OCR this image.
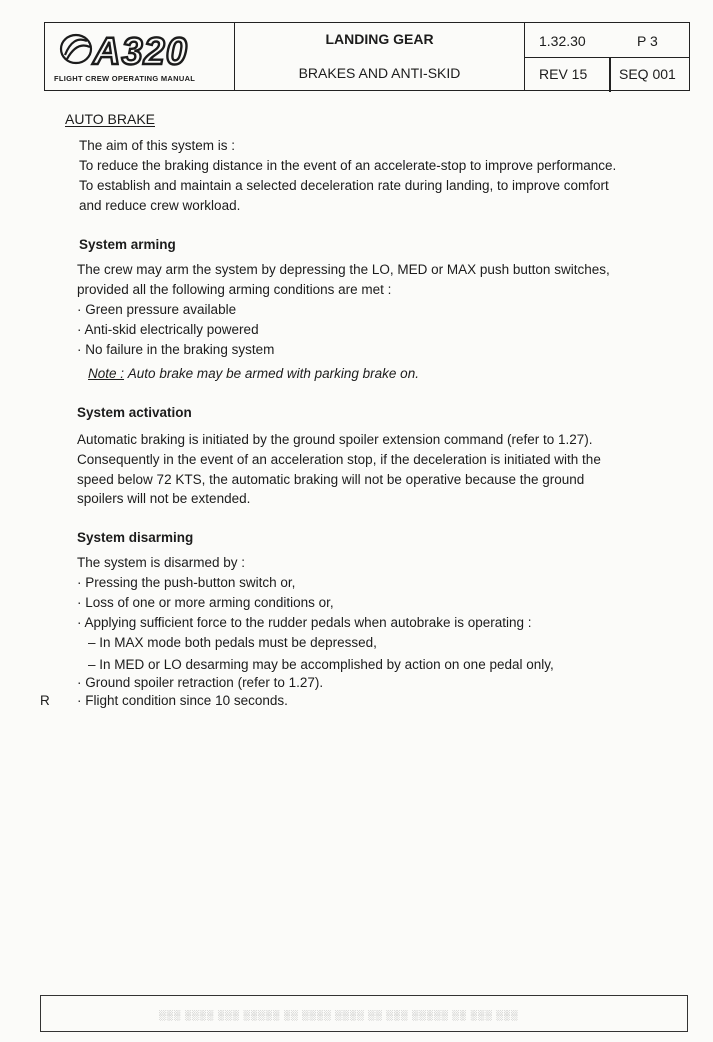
A320
FLIGHT CREW OPERATING MANUAL
LANDING GEAR
BRAKES AND ANTI-SKID
1.32.30	P 3
REV 15 SEQ 001
AUTO BRAKE
The aim of this system is :
To reduce the braking distance in the event of an accelerate-stop to improve performance.
To establish and maintain a selected deceleration rate during landing, to improve comfort
and reduce crew workload.
System arming
The crew may arm the system by depressing the LO, MED or MAX push button switches,
provided all the following arming conditions are met :
· Green pressure available
· Anti-skid electrically powered
· No failure in the braking system
Note : Auto brake may be armed with parking brake on.
System activation
Automatic braking is initiated by the ground spoiler extension command (refer to 1.27).
Consequently in the event of an acceleration stop, if the deceleration is initiated with the
speed below 72 KTS, the automatic braking will not be operative because the ground
spoilers will not be extended.
System disarming
The system is disarmed by :
· Pressing the push-button switch or,
· Loss of one or more arming conditions or,
· Applying sufficient force to the rudder pedals when autobrake is operating :
– In MAX mode both pedals must be depressed,
– In MED or LO desarming may be accomplished by action on one pedal only,
· Ground spoiler retraction (refer to 1.27).
R · Flight condition since 10 seconds.
░░░ ░░░░ ░░░ ░░░░░ ░░ ░░░░ ░░░░ ░░ ░░░ ░░░░░ ░░ ░░░ ░░░
